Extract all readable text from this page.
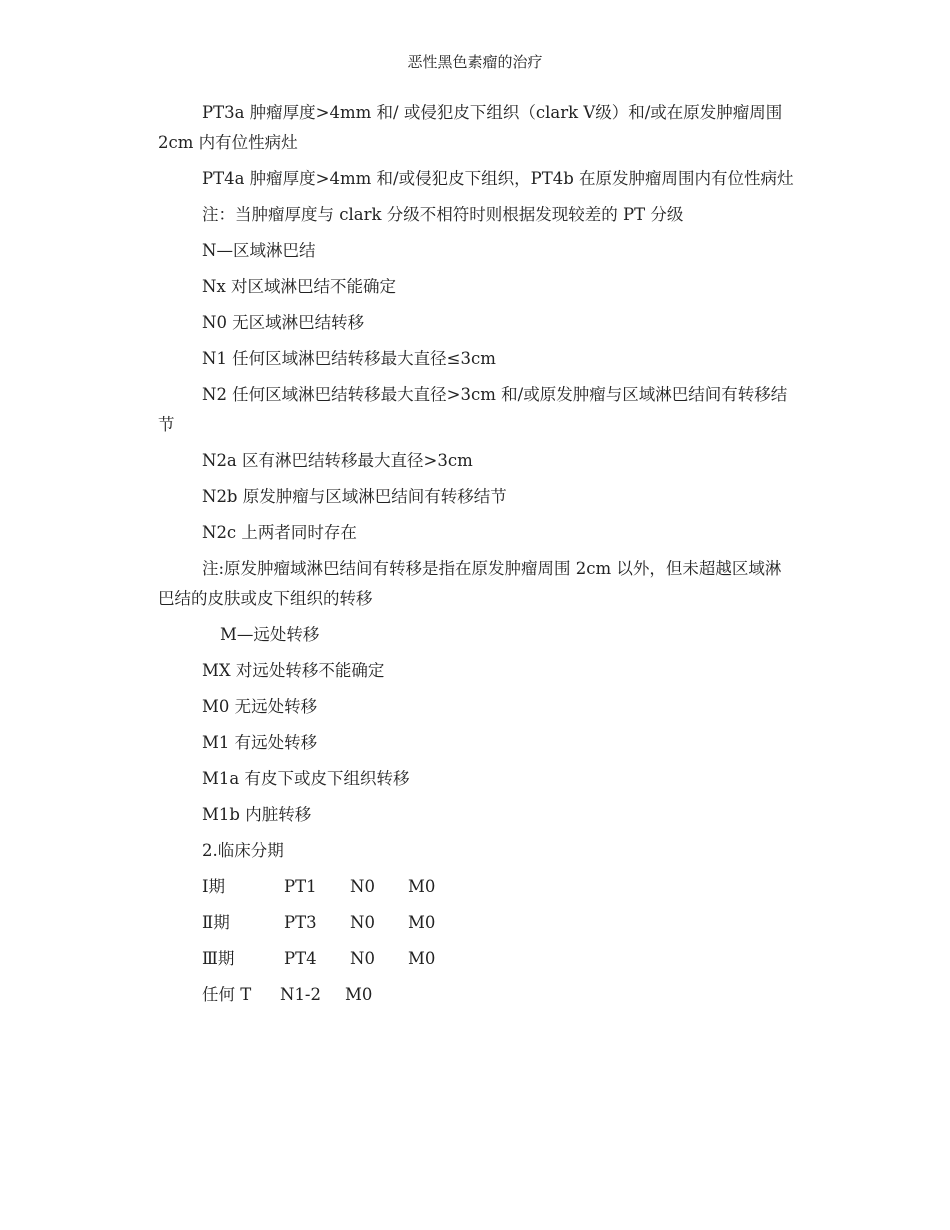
恶性黑色素瘤的治疗

PT3a 肿瘤厚度>4mm 和/ 或侵犯皮下组织（clark Ⅴ级）和/或在原发肿瘤周围 2cm 内有位性病灶

PT4a 肿瘤厚度>4mm 和/或侵犯皮下组织，PT4b 在原发肿瘤周围内有位性病灶

注：当肿瘤厚度与 clark 分级不相符时则根据发现较差的 PT 分级

N—区域淋巴结

Nx 对区域淋巴结不能确定

N0 无区域淋巴结转移

N1 任何区域淋巴结转移最大直径≤3cm

N2 任何区域淋巴结转移最大直径>3cm 和/或原发肿瘤与区域淋巴结间有转移结节

N2a 区有淋巴结转移最大直径>3cm

N2b 原发肿瘤与区域淋巴结间有转移结节

N2c 上两者同时存在

注:原发肿瘤域淋巴结间有转移是指在原发肿瘤周围 2cm 以外，但未超越区域淋巴结的皮肤或皮下组织的转移

M—远处转移

MX 对远处转移不能确定

M0 无远处转移

M1 有远处转移

M1a 有皮下或皮下组织转移

M1b 内脏转移

2.临床分期

Ⅰ期	PT1 N0 M0
Ⅱ期	PT3 N0 M0
Ⅲ期	PT4 N0 M0
任何 T N1-2 M0
